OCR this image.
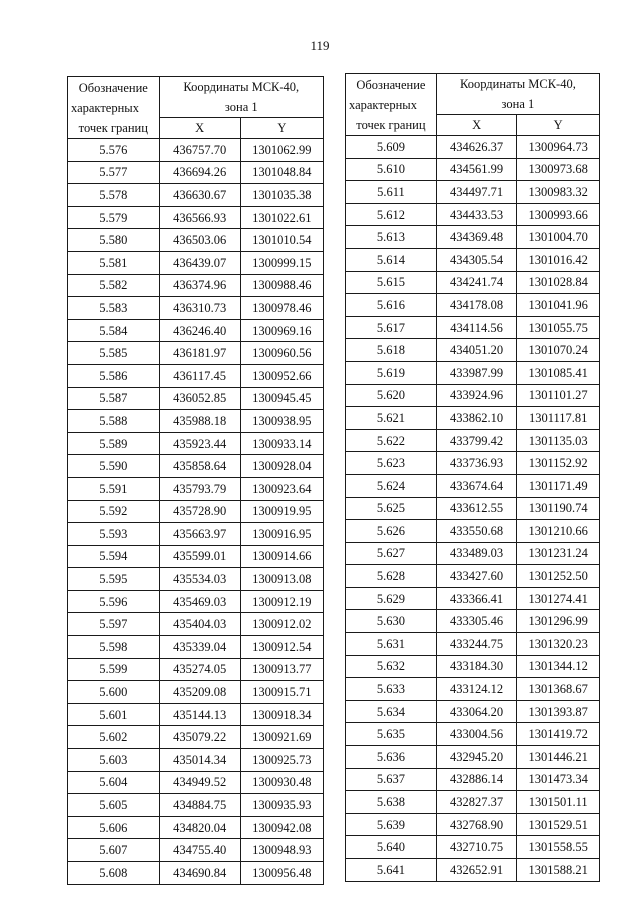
119
Обозначение
характерных
точек границ	Координаты МСК-40,
зона 1	
	X	Y
5.576	436757.70	1301062.99
5.577	436694.26	1301048.84
5.578	436630.67	1301035.38
5.579	436566.93	1301022.61
5.580	436503.06	1301010.54
5.581	436439.07	1300999.15
5.582	436374.96	1300988.46
5.583	436310.73	1300978.46
5.584	436246.40	1300969.16
5.585	436181.97	1300960.56
5.586	436117.45	1300952.66
5.587	436052.85	1300945.45
5.588	435988.18	1300938.95
5.589	435923.44	1300933.14
5.590	435858.64	1300928.04
5.591	435793.79	1300923.64
5.592	435728.90	1300919.95
5.593	435663.97	1300916.95
5.594	435599.01	1300914.66
5.595	435534.03	1300913.08
5.596	435469.03	1300912.19
5.597	435404.03	1300912.02
5.598	435339.04	1300912.54
5.599	435274.05	1300913.77
5.600	435209.08	1300915.71
5.601	435144.13	1300918.34
5.602	435079.22	1300921.69
5.603	435014.34	1300925.73
5.604	434949.52	1300930.48
5.605	434884.75	1300935.93
5.606	434820.04	1300942.08
5.607	434755.40	1300948.93
5.608	434690.84	1300956.48
Обозначение
характерных
точек границ	Координаты МСК-40,
зона 1	
	X	Y
5.609	434626.37	1300964.73
5.610	434561.99	1300973.68
5.611	434497.71	1300983.32
5.612	434433.53	1300993.66
5.613	434369.48	1301004.70
5.614	434305.54	1301016.42
5.615	434241.74	1301028.84
5.616	434178.08	1301041.96
5.617	434114.56	1301055.75
5.618	434051.20	1301070.24
5.619	433987.99	1301085.41
5.620	433924.96	1301101.27
5.621	433862.10	1301117.81
5.622	433799.42	1301135.03
5.623	433736.93	1301152.92
5.624	433674.64	1301171.49
5.625	433612.55	1301190.74
5.626	433550.68	1301210.66
5.627	433489.03	1301231.24
5.628	433427.60	1301252.50
5.629	433366.41	1301274.41
5.630	433305.46	1301296.99
5.631	433244.75	1301320.23
5.632	433184.30	1301344.12
5.633	433124.12	1301368.67
5.634	433064.20	1301393.87
5.635	433004.56	1301419.72
5.636	432945.20	1301446.21
5.637	432886.14	1301473.34
5.638	432827.37	1301501.11
5.639	432768.90	1301529.51
5.640	432710.75	1301558.55
5.641	432652.91	1301588.21
